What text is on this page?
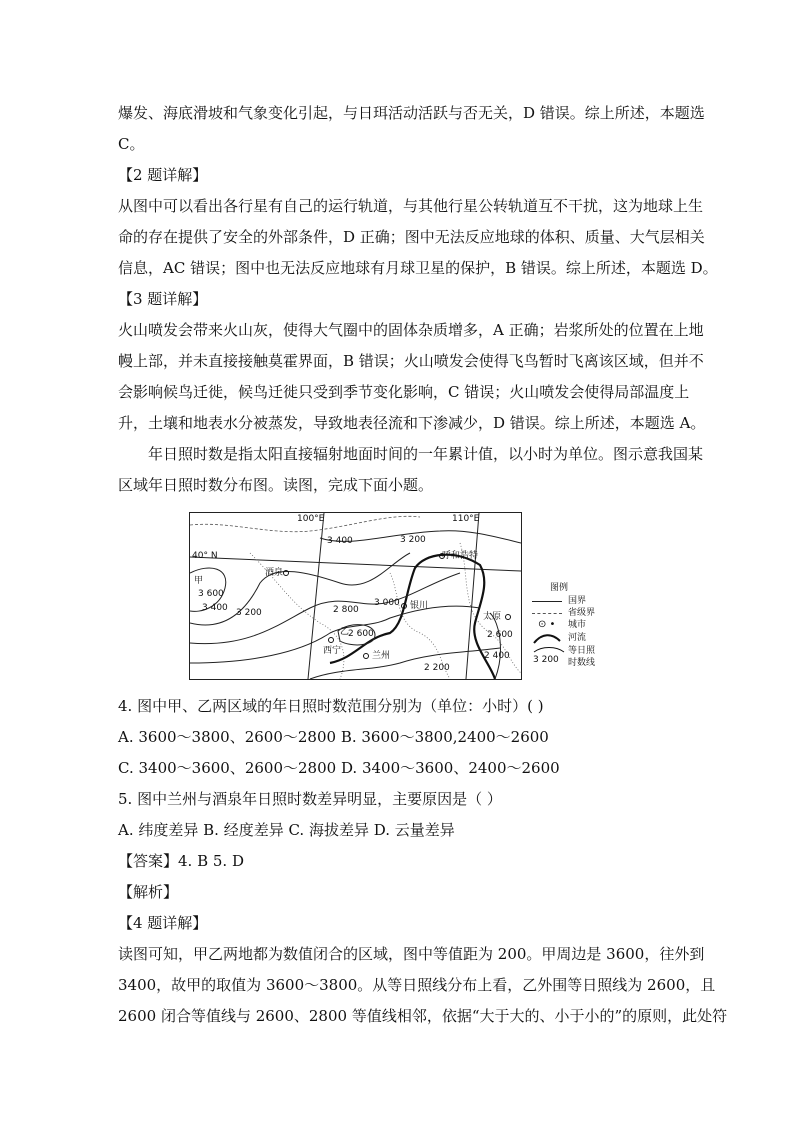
爆发、海底滑坡和气象变化引起，与日珥活动活跃与否无关，D 错误。综上所述，本题选
C。
【2 题详解】
从图中可以看出各行星有自己的运行轨道，与其他行星公转轨道互不干扰，这为地球上生
命的存在提供了安全的外部条件，D 正确；图中无法反应地球的体积、质量、大气层相关
信息，AC 错误；图中也无法反应地球有月球卫星的保护，B 错误。综上所述，本题选 D。
【3 题详解】
火山喷发会带来火山灰，使得大气圈中的固体杂质增多，A 正确；岩浆所处的位置在上地
幔上部，并未直接接触莫霍界面，B 错误；火山喷发会使得飞鸟暂时飞离该区域，但并不
会影响候鸟迁徙，候鸟迁徙只受到季节变化影响，C 错误；火山喷发会使得局部温度上
升，土壤和地表水分被蒸发，导致地表径流和下渗减少，D 错误。综上所述，本题选 A。
年日照时数是指太阳直接辐射地面时间的一年累计值，以小时为单位。图示意我国某
区域年日照时数分布图。读图，完成下面小题。
100°E	110°E
40° N
3 400	3 200
呼和浩特
甲
3 600
3 400
酒泉
3 200	2 800
3 000 银川
太原
乙
2 600	2 600
西宁	兰州	2 400
2 200
图例
国界
省级界
⊙ • 城市
河流
3 200
等日照
时数线
4. 图中甲、乙两区域的年日照时数范围分别为（单位：小时）( )
A. 3600～3800、2600～2800 B. 3600～3800,2400～2600
C. 3400～3600、2600～2800 D. 3400～3600、2400～2600
5. 图中兰州与酒泉年日照时数差异明显，主要原因是（ ）
A. 纬度差异 B. 经度差异 C. 海拔差异 D. 云量差异
【答案】4. B 5. D
【解析】
【4 题详解】
读图可知，甲乙两地都为数值闭合的区域，图中等值距为 200。甲周边是 3600，往外到
3400，故甲的取值为 3600～3800。从等日照线分布上看，乙外围等日照线为 2600，且
2600 闭合等值线与 2600、2800 等值线相邻，依据“大于大的、小于小的”的原则，此处符
